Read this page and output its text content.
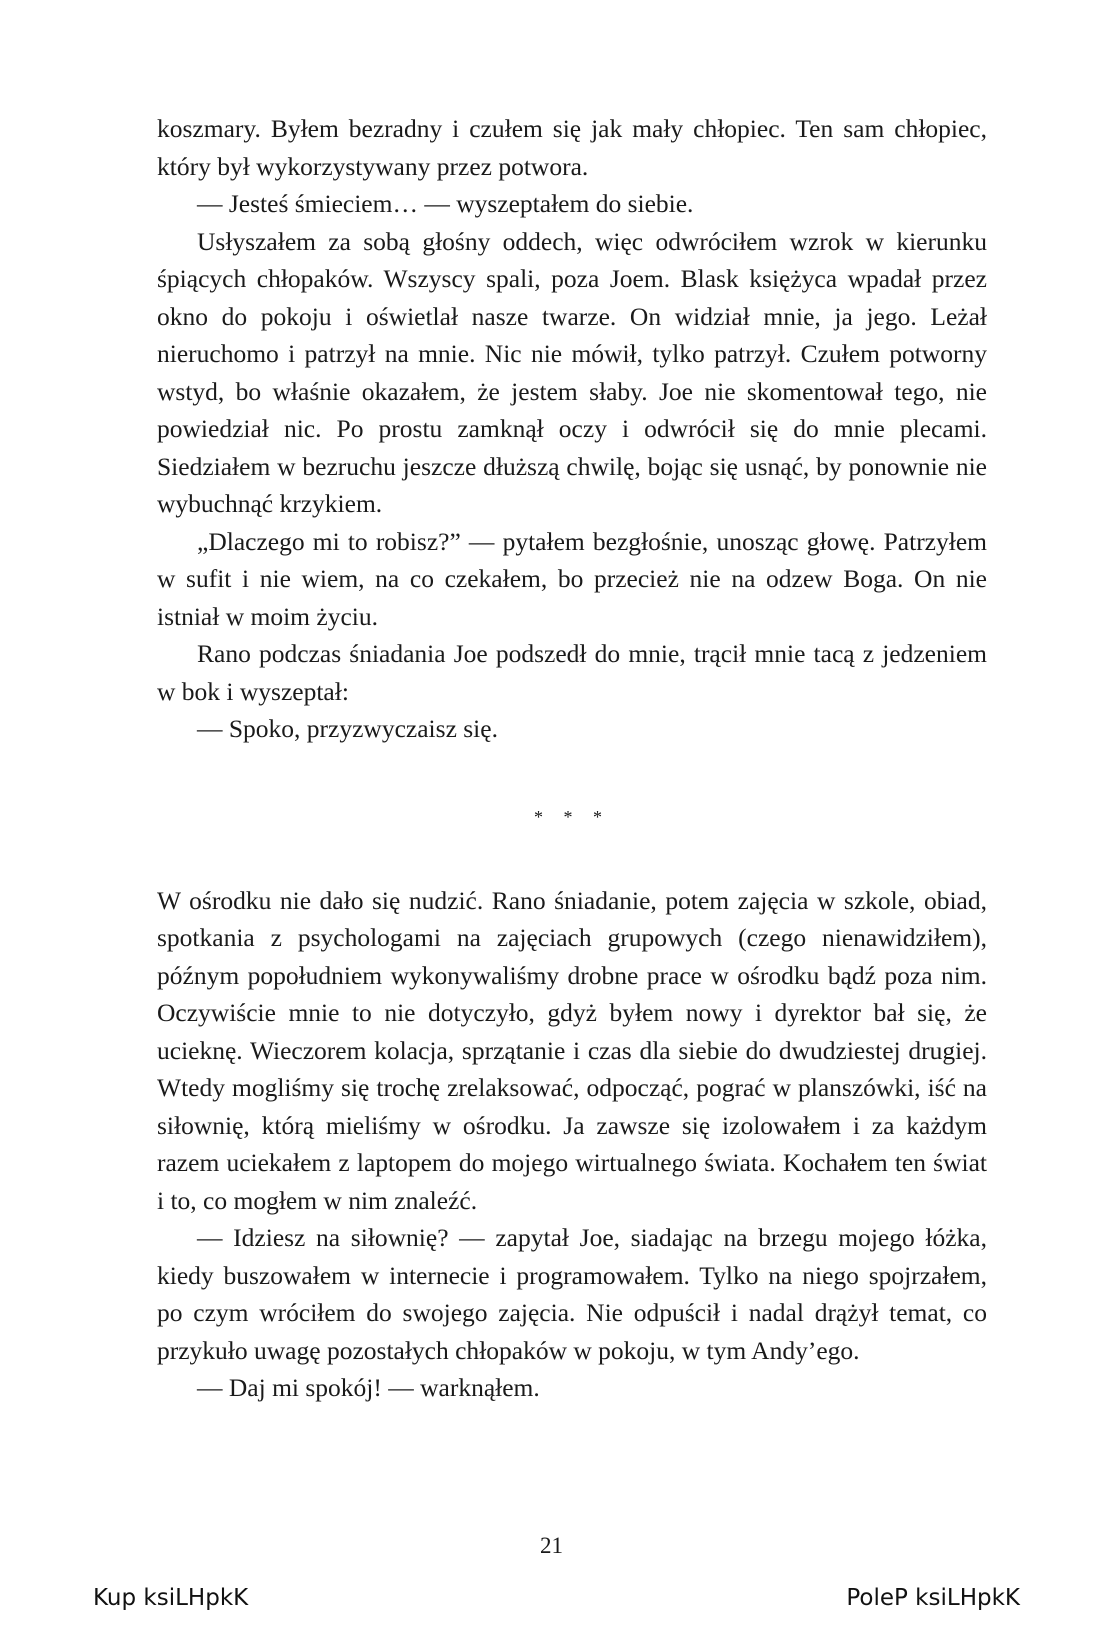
koszmary. Byłem bezradny i czułem się jak mały chłopiec. Ten sam chłopiec, który był wykorzystywany przez potwora.

— Jesteś śmieciem… — wyszeptałem do siebie.

Usłyszałem za sobą głośny oddech, więc odwróciłem wzrok w kierunku śpiących chłopaków. Wszyscy spali, poza Joem. Blask księżyca wpadał przez okno do pokoju i oświetlał nasze twarze. On widział mnie, ja jego. Leżał nieruchomo i patrzył na mnie. Nic nie mówił, tylko patrzył. Czułem potworny wstyd, bo właśnie okazałem, że jestem słaby. Joe nie skomentował tego, nie powiedział nic. Po prostu zamknął oczy i odwrócił się do mnie plecami. Siedziałem w bezruchu jeszcze dłuższą chwilę, bojąc się usnąć, by ponownie nie wybuchnąć krzykiem.

„Dlaczego mi to robisz?” — pytałem bezgłośnie, unosząc głowę. Patrzyłem w sufit i nie wiem, na co czekałem, bo przecież nie na odzew Boga. On nie istniał w moim życiu.

Rano podczas śniadania Joe podszedł do mnie, trącił mnie tacą z jedzeniem w bok i wyszeptał:

— Spoko, przyzwyczaisz się.

* * *

W ośrodku nie dało się nudzić. Rano śniadanie, potem zajęcia w szkole, obiad, spotkania z psychologami na zajęciach grupowych (czego nienawidziłem), późnym popołudniem wykonywaliśmy drobne prace w ośrodku bądź poza nim. Oczywiście mnie to nie dotyczyło, gdyż byłem nowy i dyrektor bał się, że ucieknę. Wieczorem kolacja, sprzątanie i czas dla siebie do dwudziestej drugiej. Wtedy mogliśmy się trochę zrelaksować, odpocząć, pograć w planszówki, iść na siłownię, którą mieliśmy w ośrodku. Ja zawsze się izolowałem i za każdym razem uciekałem z laptopem do mojego wirtualnego świata. Kochałem ten świat i to, co mogłem w nim znaleźć.

— Idziesz na siłownię? — zapytał Joe, siadając na brzegu mojego łóżka, kiedy buszowałem w internecie i programowałem. Tylko na niego spojrzałem, po czym wróciłem do swojego zajęcia. Nie odpuścił i nadal drążył temat, co przykuło uwagę pozostałych chłopaków w pokoju, w tym Andy’ego.

— Daj mi spokój! — warknąłem.

21
Kup ksiLHpkK	PoleP ksiLHpkK
